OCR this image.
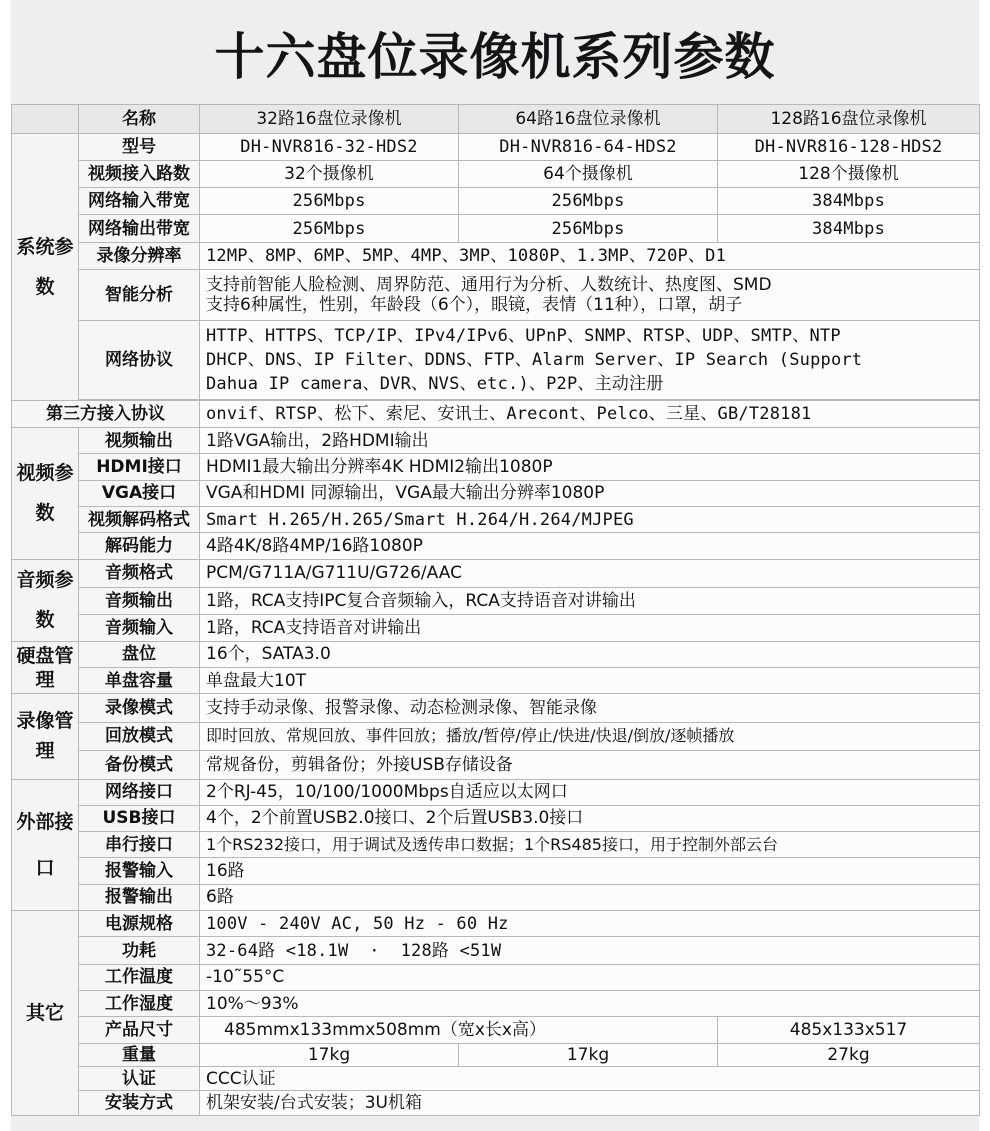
十六盘位录像机系列参数
	名称	32路16盘位录像机	64路16盘位录像机	128路16盘位录像机
系统参数	型号	DH-NVR816-32-HDS2	DH-NVR816-64-HDS2	DH-NVR816-128-HDS2
	视频接入路数	32个摄像机	64个摄像机	128个摄像机
	网络输入带宽	256Mbps	256Mbps	384Mbps
	网络输出带宽	256Mbps	256Mbps	384Mbps
	录像分辨率	12MP、8MP、6MP、5MP、4MP、3MP、1080P、1.3MP、720P、D1		
	智能分析	支持前智能人脸检测、周界防范、通用行为分析、人数统计、热度图、SMD
支持6种属性，性别，年龄段（6个），眼镜，表情（11种），口罩，胡子		

	网络协议	HTTP、HTTPS、TCP/IP、IPv4/IPv6、UPnP、SNMP、RTSP、UDP、SMTP、NTP
DHCP、DNS、IP Filter、DDNS、FTP、Alarm Server、IP Search (Support
Dahua IP camera、DVR、NVS、etc.)、P2P、主动注册		

第三方接入协议		onvif、RTSP、松下、索尼、安讯士、Arecont、Pelco、三星、GB/T28181		
视频参数	视频输出	1路VGA输出，2路HDMI输出		
	HDMI接口	HDMI1最大输出分辨率4K HDMI2输出1080P		
	VGA接口	VGA和HDMI 同源输出，VGA最大输出分辨率1080P		
	视频解码格式	Smart H.265/H.265/Smart H.264/H.264/MJPEG		
	解码能力	4路4K/8路4MP/16路1080P		
音频参数	音频格式	PCM/G711A/G711U/G726/AAC		
	音频输出	1路，RCA支持IPC复合音频输入，RCA支持语音对讲输出		
	音频输入	1路，RCA支持语音对讲输出		
硬盘管理	盘位	16个，SATA3.0		
	单盘容量	单盘最大10T		
录像管理	录像模式	支持手动录像、报警录像、动态检测录像、智能录像		
	回放模式	即时回放、常规回放、事件回放；播放/暂停/停止/快进/快退/倒放/逐帧播放		
	备份模式	常规备份，剪辑备份；外接USB存储设备		
外部接口	网络接口	2个RJ-45，10/100/1000Mbps自适应以太网口		
	USB接口	4个，2个前置USB2.0接口、2个后置USB3.0接口		
	串行接口	1个RS232接口，用于调试及透传串口数据；1个RS485接口，用于控制外部云台		
	报警输入	16路		
	报警输出	6路		
其它	电源规格	100V - 240V AC, 50 Hz - 60 Hz		
	功耗	32-64路 <18.1W  ·  128路 <51W		
	工作温度	-10˜55°C		
	工作湿度	10%～93%		
	产品尺寸	485mmx133mmx508mm（宽x长x高）		485x133x517
	重量	17kg	17kg	27kg
	认证	CCC认证		
	安装方式	机架安装/台式安装；3U机箱		
